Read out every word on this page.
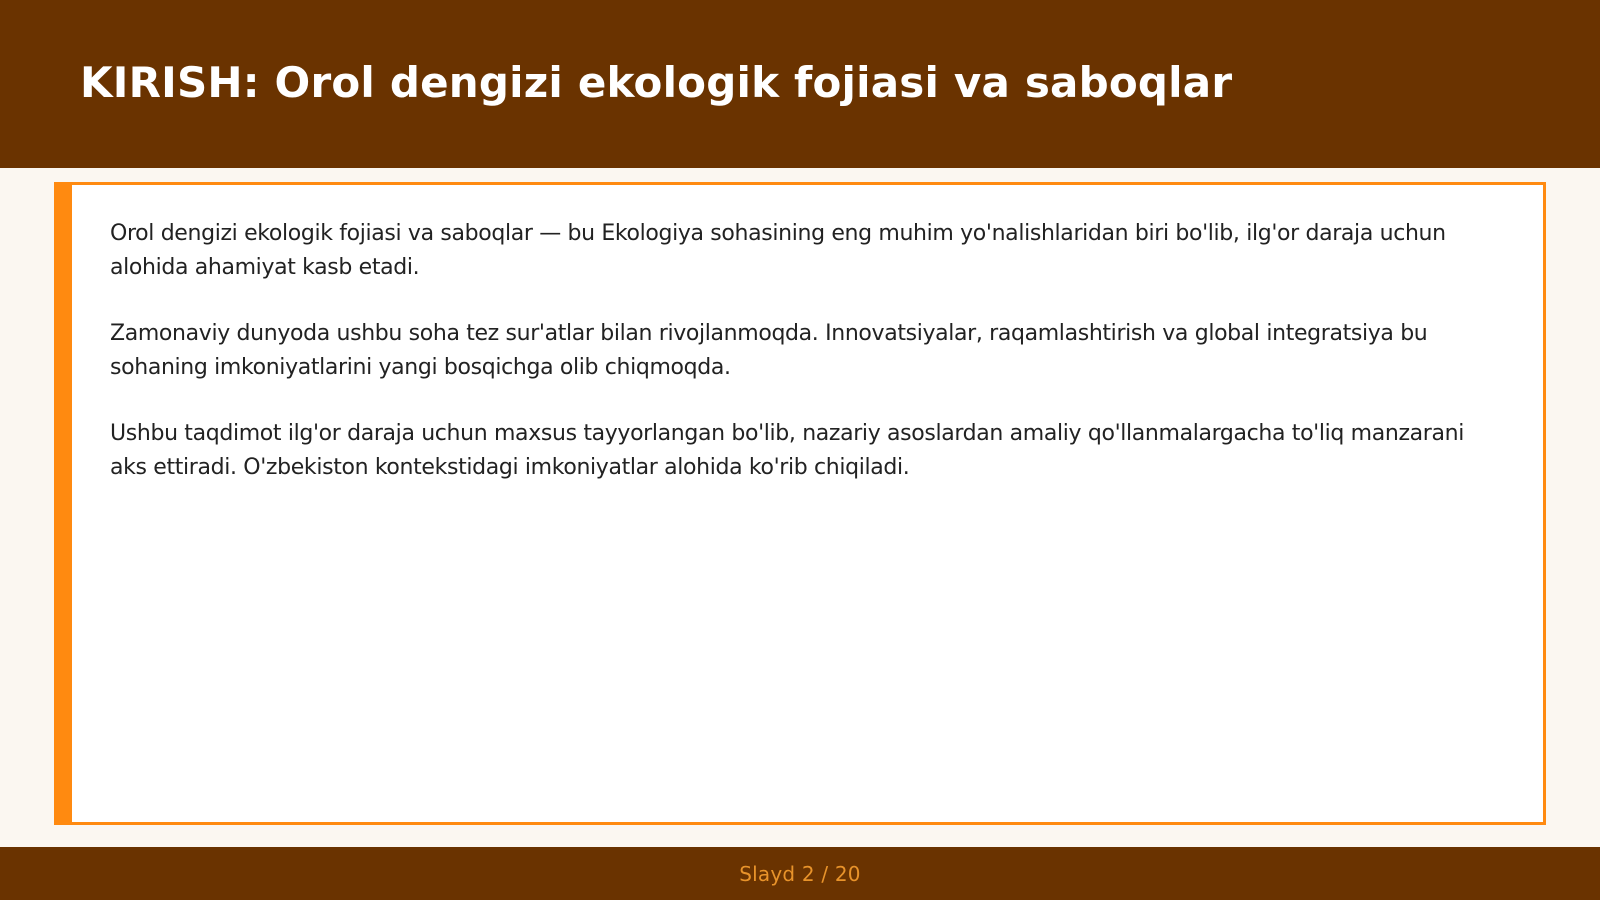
KIRISH: Orol dengizi ekologik fojiasi va saboqlar

Orol dengizi ekologik fojiasi va saboqlar — bu Ekologiya sohasining eng muhim yo'nalishlaridan biri bo'lib, ilg'or daraja uchun alohida ahamiyat kasb etadi.

Zamonaviy dunyoda ushbu soha tez sur'atlar bilan rivojlanmoqda. Innovatsiyalar, raqamlashtirish va global integratsiya bu sohaning imkoniyatlarini yangi bosqichga olib chiqmoqda.

Ushbu taqdimot ilg'or daraja uchun maxsus tayyorlangan bo'lib, nazariy asoslardan amaliy qo'llanmalargacha to'liq manzarani aks ettiradi. O'zbekiston kontekstidagi imkoniyatlar alohida ko'rib chiqiladi.

Slayd 2 / 20
